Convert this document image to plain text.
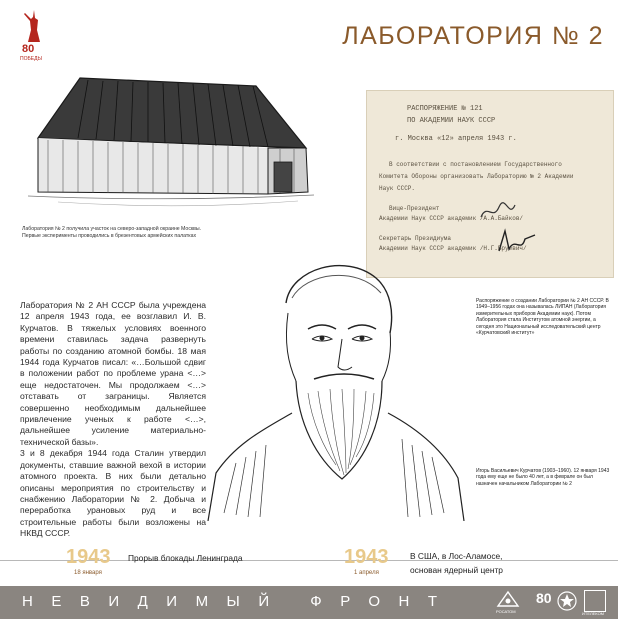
80
ПОБЕДЫ
ЛАБОРАТОРИЯ № 2
Лаборатория № 2 получила участок на северо-западной окраине Москвы. Первые эксперименты проводились в брезентовых армейских палатках
РАСПОРЯЖЕНИЕ № 121
ПО АКАДЕМИИ НАУК СССР
г. Москва «12» апреля 1943 г.
В соответствии с постановлением Государственного
Комитета Обороны организовать Лабораторию № 2 Академии
Наук СССР.
Вице-Президент
Академии Наук СССР академик /А.А.Байков/
Секретарь Президиума
Академии Наук СССР академик /Н.Г.Бруевич/
Распоряжение о создании Лаборатории № 2 АН СССР. В 1949–1956 годах она называлась ЛИПАН (Лаборатория измерительных приборов Академии наук). Потом Лаборатория стала Институтом атомной энергии, а сегодня это Национальный исследовательский центр «Курчатовский институт»
Игорь Васильевич Курчатов (1903–1960). 12 января 1943 года ему еще не было 40 лет, а в феврале он был назначен начальником Лаборатории № 2

Лаборатория № 2 АН СССР была учреждена 12 апреля 1943 года, ее возглавил И. В. Курчатов. В тяжелых условиях военного времени ставилась задача развернуть работы по созданию атомной бомбы. 18 мая 1944 года Курчатов писал: «…Большой сдвиг в положении работ по проблеме урана <…> еще недостаточен. Мы продолжаем <…> отставать от заграницы. Является совершенно необходимым дальнейшее привлечение ученых к работе <…>, дальнейшее усиление материально-технической базы».

3 и 8 декабря 1944 года Сталин утвердил документы, ставшие важной вехой в истории атомного проекта. В них были детально описаны мероприятия по строительству и снабжению Лаборатории № 2. Добыча и переработка урановых руд и все строительные работы были возложены на НКВД СССР.

1943
18 января
Прорыв блокады Ленинграда	1943
1 апреля
В США, в Лос-Аламосе,
основан ядерный центр
НЕВИДИМЫЙ ФРОНТ
РОСАТОМ
80
ИТЕЛЕКОМ
